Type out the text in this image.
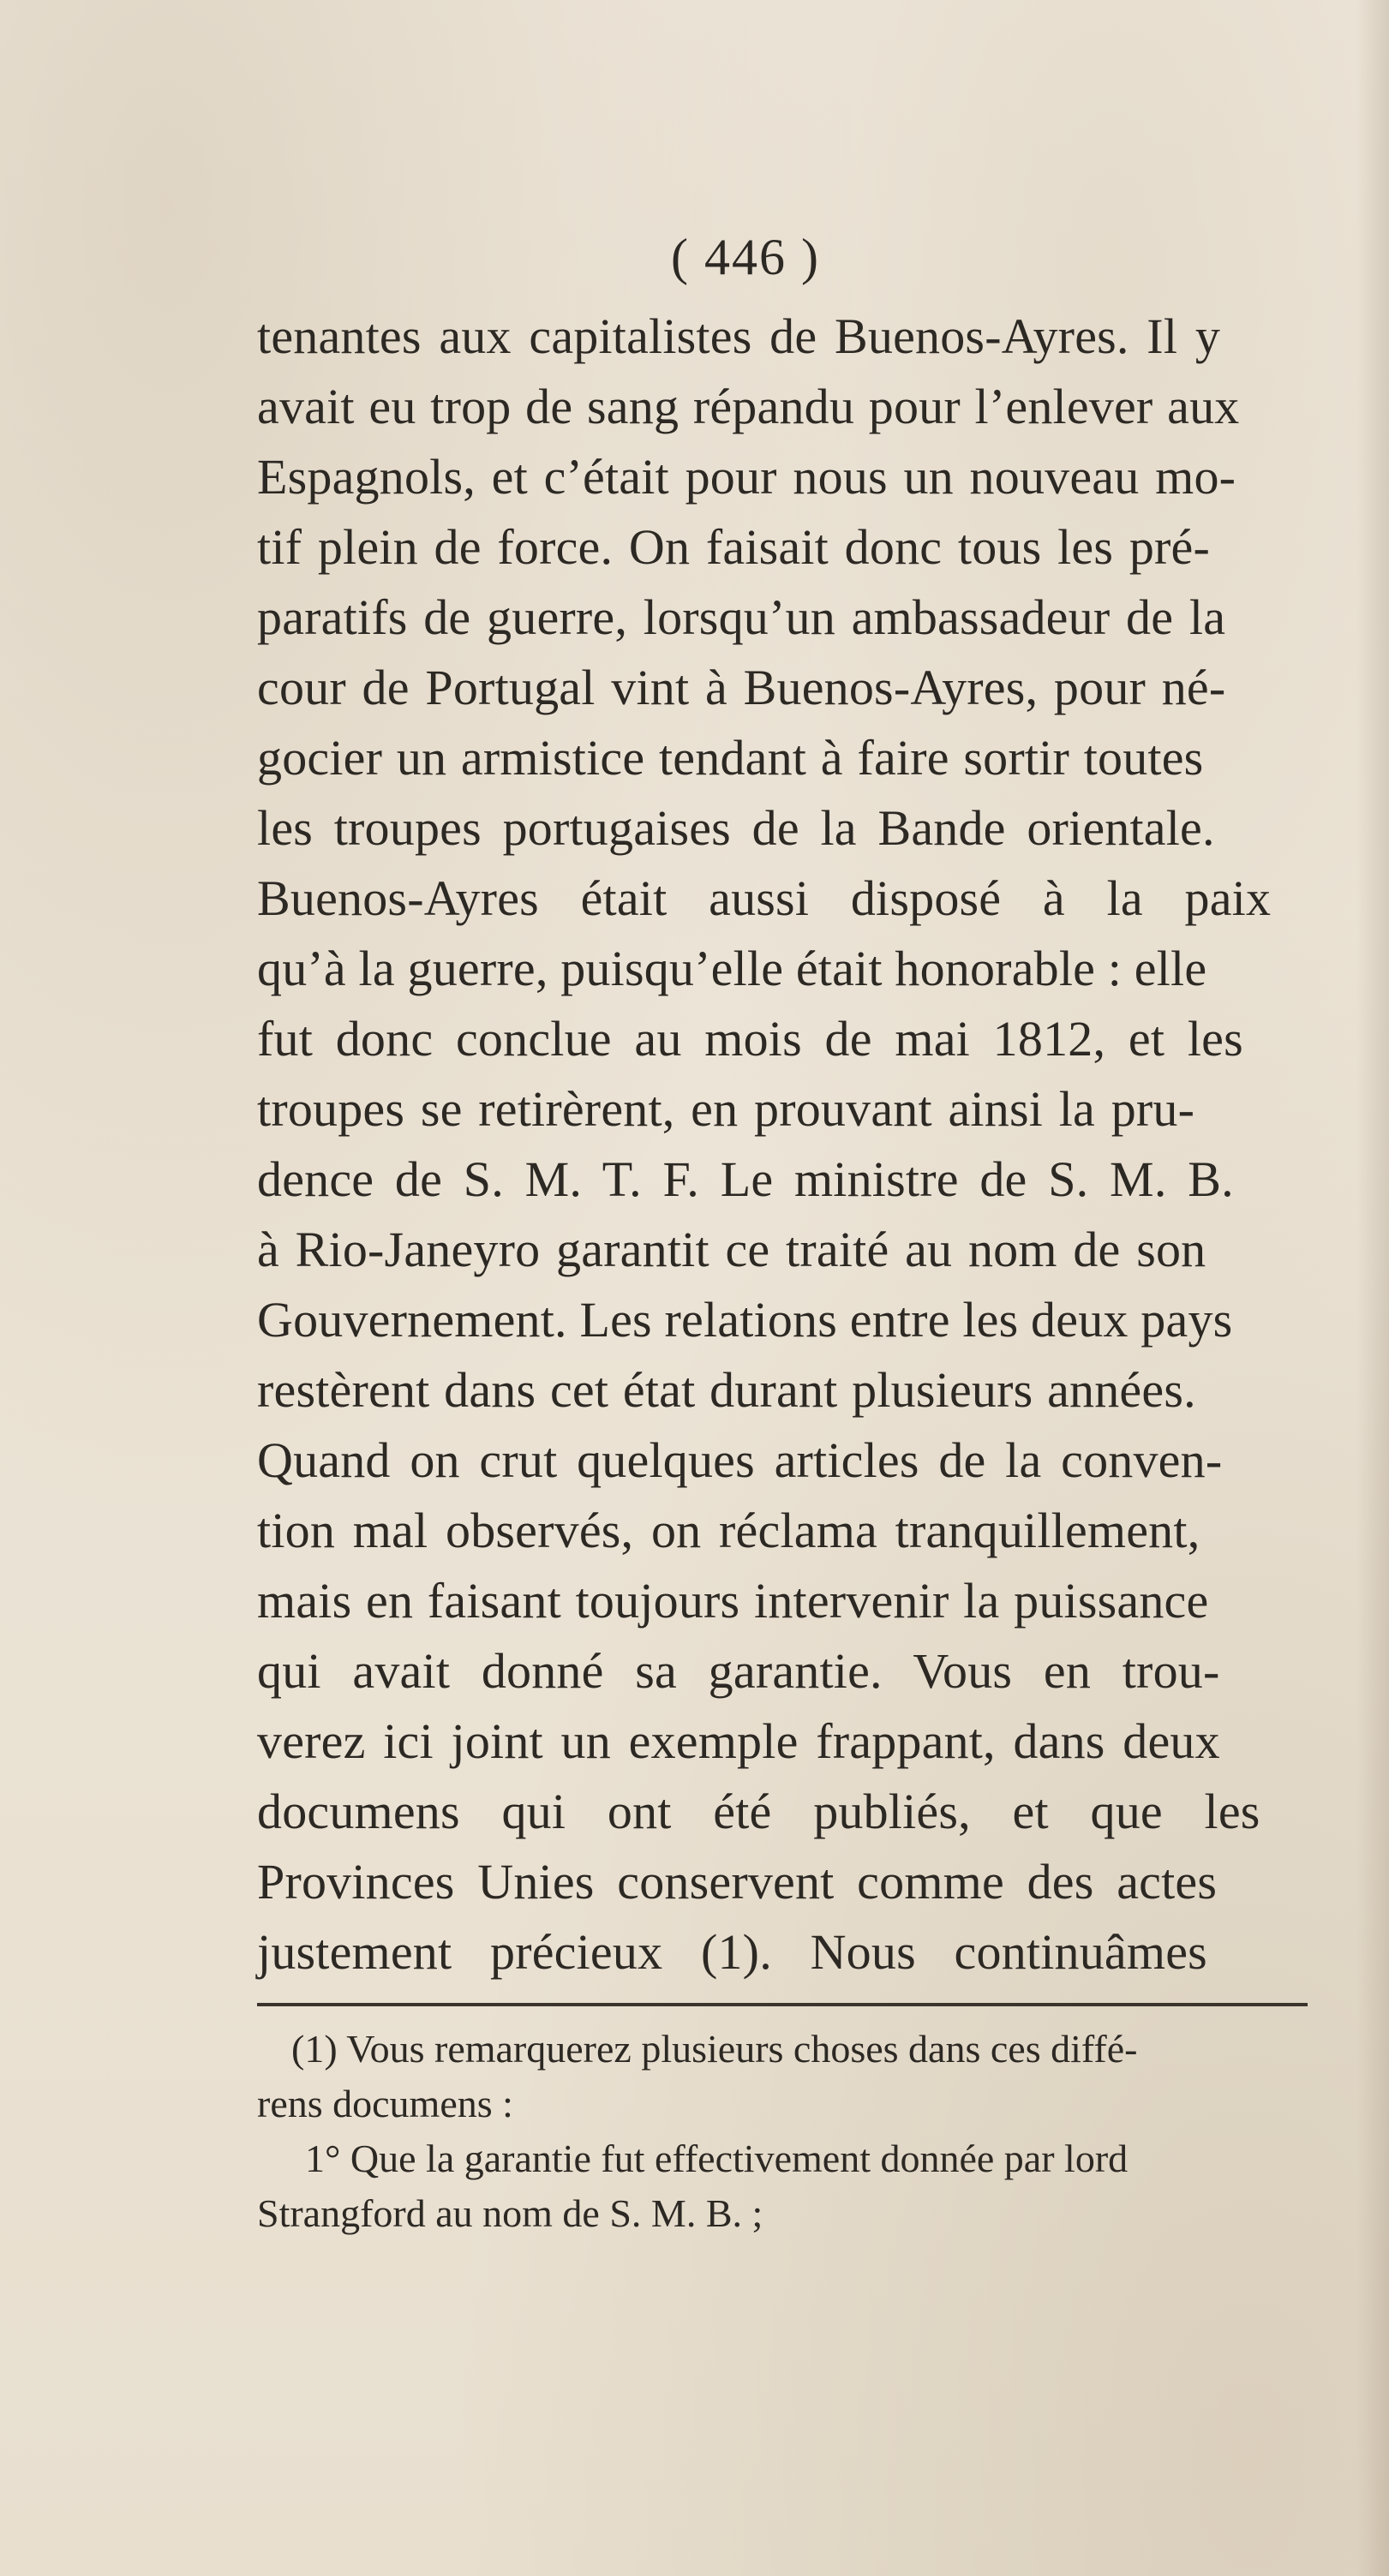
( 446 )
tenantes aux capitalistes de Buenos-Ayres. Il y
avait eu trop de sang répandu pour l’enlever aux
Espagnols, et c’était pour nous un nouveau mo-
tif plein de force. On faisait donc tous les pré-
paratifs de guerre, lorsqu’un ambassadeur de la
cour de Portugal vint à Buenos-Ayres, pour né-
gocier un armistice tendant à faire sortir toutes
les troupes portugaises de la Bande orientale.
Buenos-Ayres était aussi disposé à la paix
qu’à la guerre, puisqu’elle était honorable : elle
fut donc conclue au mois de mai 1812, et les
troupes se retirèrent, en prouvant ainsi la pru-
dence de S. M. T. F. Le ministre de S. M. B.
à Rio-Janeyro garantit ce traité au nom de son
Gouvernement. Les relations entre les deux pays
restèrent dans cet état durant plusieurs années.
Quand on crut quelques articles de la conven-
tion mal observés, on réclama tranquillement,
mais en faisant toujours intervenir la puissance
qui avait donné sa garantie. Vous en trou-
verez ici joint un exemple frappant, dans deux
documens qui ont été publiés, et que les
Provinces Unies conservent comme des actes
justement précieux (1). Nous continuâmes
(1) Vous remarquerez plusieurs choses dans ces diffé-
rens documens :
1° Que la garantie fut effectivement donnée par lord
Strangford au nom de S. M. B. ;
